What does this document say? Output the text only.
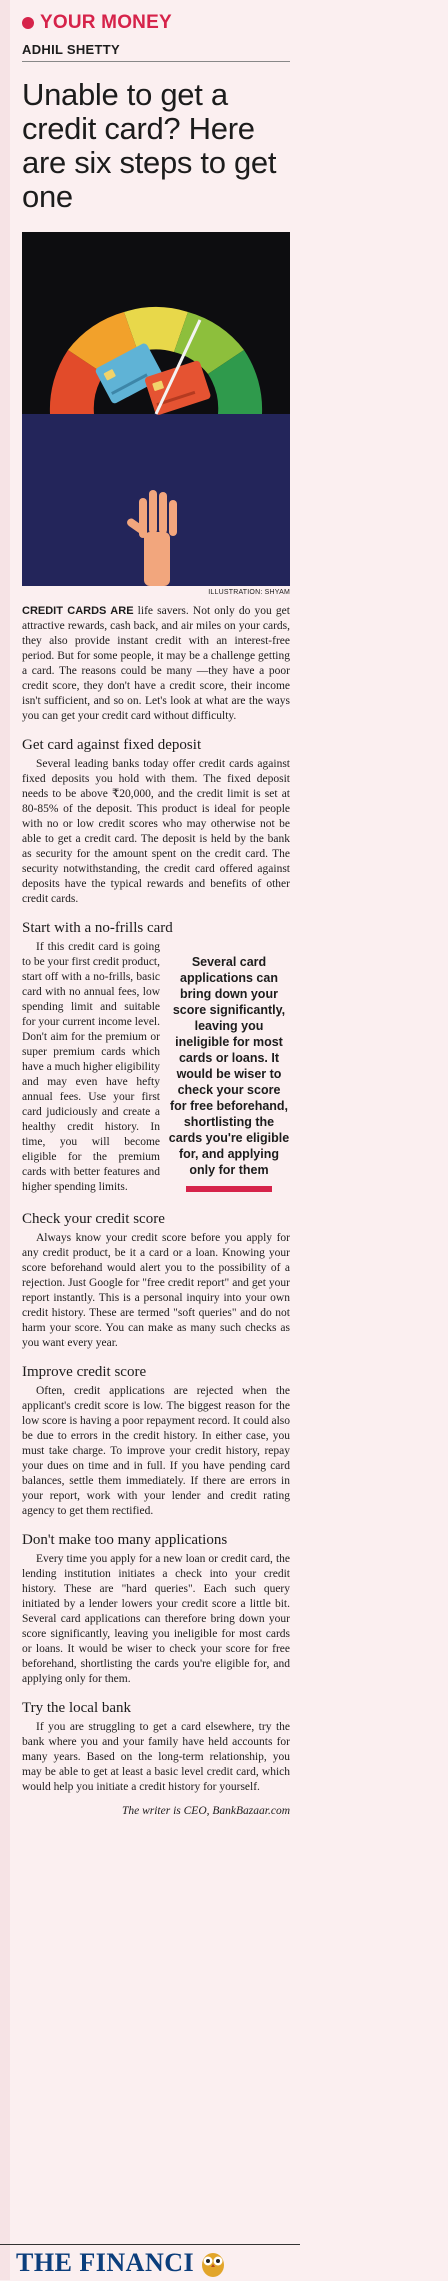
YOUR MONEY
ADHIL SHETTY
Unable to get a credit card? Here are six steps to get one
ILLUSTRATION: SHYAM

CREDIT CARDS ARE life savers. Not only do you get attractive rewards, cash back, and air miles on your cards, they also provide instant credit with an interest-free period. But for some people, it may be a challenge getting a card. The reasons could be many —they have a poor credit score, they don't have a credit score, their income isn't sufficient, and so on. Let's look at what are the ways you can get your credit card without difficulty.

Get card against fixed deposit

Several leading banks today offer credit cards against fixed deposits you hold with them. The fixed deposit needs to be above ₹20,000, and the credit limit is set at 80-85% of the deposit. This product is ideal for people with no or low credit scores who may otherwise not be able to get a credit card. The deposit is held by the bank as security for the amount spent on the credit card. The security notwithstanding, the credit card offered against deposits have the typical rewards and benefits of other credit cards.

Start with a no-frills card
Several card applications can bring down your score significantly, leaving you ineligible for most cards or loans. It would be wiser to check your score for free beforehand, shortlisting the cards you're eligible for, and applying only for them

If this credit card is going to be your first credit product, start off with a no-frills, basic card with no annual fees, low spending limit and suitable for your current income level. Don't aim for the premium or super premium cards which have a much higher eligibility and may even have hefty annual fees. Use your first card judiciously and create a healthy credit history. In time, you will become eligible for the premium cards with better features and higher spending limits.

Check your credit score

Always know your credit score before you apply for any credit product, be it a card or a loan. Knowing your score beforehand would alert you to the possibility of a rejection. Just Google for "free credit report" and get your report instantly. This is a personal inquiry into your own credit history. These are termed "soft queries" and do not harm your score. You can make as many such checks as you want every year.

Improve credit score

Often, credit applications are rejected when the applicant's credit score is low. The biggest reason for the low score is having a poor repayment record. It could also be due to errors in the credit history. In either case, you must take charge. To improve your credit history, repay your dues on time and in full. If you have pending card balances, settle them immediately. If there are errors in your report, work with your lender and credit rating agency to get them rectified.

Don't make too many applications

Every time you apply for a new loan or credit card, the lending institution initiates a check into your credit history. These are "hard queries". Each such query initiated by a lender lowers your credit score a little bit. Several card applications can therefore bring down your score significantly, leaving you ineligible for most cards or loans. It would be wiser to check your score for free beforehand, shortlisting the cards you're eligible for, and applying only for them.

Try the local bank

If you are struggling to get a card elsewhere, try the bank where you and your family have held accounts for many years. Based on the long-term relationship, you may be able to get at least a basic level credit card, which would help you initiate a credit history for yourself.

The writer is CEO, BankBazaar.com
THE FINANCI
